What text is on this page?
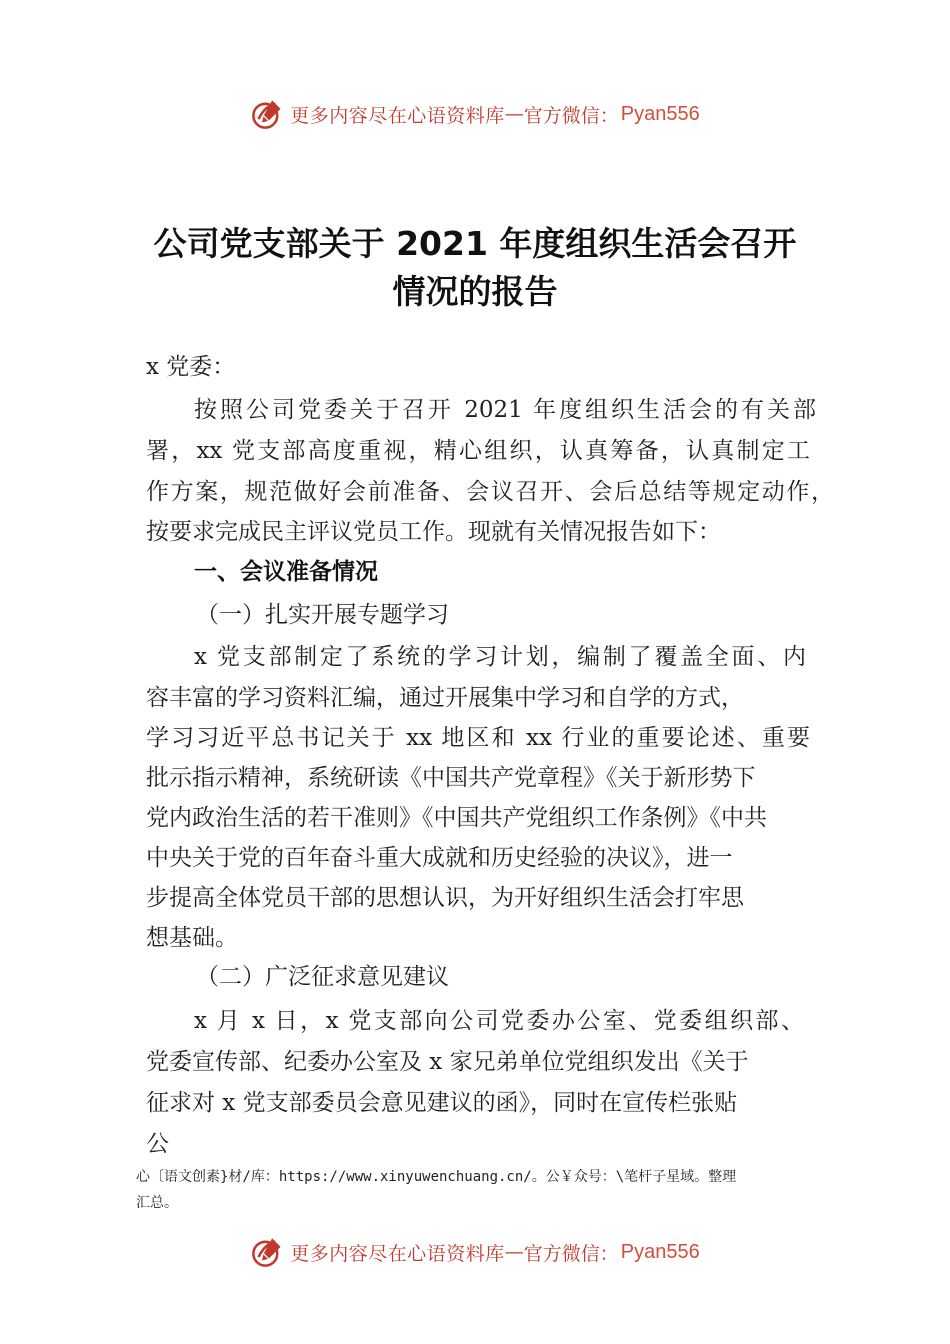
更多内容尽在心语资料库 — 官方微信： Pyan556
公司党支部关于 2021 年度组织生活会召开
情况的报告
x 党委：
按照公司党委关于召开 2021 年度组织生活会的有关部
署，xx 党支部高度重视，精心组织，认真筹备，认真制定工
作方案，规范做好会前准备、会议召开、会后总结等规定动作，
按要求完成民主评议党员工作。现就有关情况报告如下：
一、会议准备情况
（一）扎实开展专题学习
x 党支部制定了系统的学习计划，编制了覆盖全面、内
容丰富的学习资料汇编，通过开展集中学习和自学的方式，
学习习近平总书记关于 xx 地区和 xx 行业的重要论述、重要
批示指示精神，系统研读《中国共产党章程》《关于新形势下
党内政治生活的若干准则》《中国共产党组织工作条例》《中共
中央关于党的百年奋斗重大成就和历史经验的决议》，进一
步提高全体党员干部的思想认识，为开好组织生活会打牢思
想基础。
（二）广泛征求意见建议
x 月 x 日，x 党支部向公司党委办公室、党委组织部、
党委宣传部、纪委办公室及 x 家兄弟单位党组织发出《关于
征求对 x 党支部委员会意见建议的函》，同时在宣传栏张贴
公
心〔语文创素}材/库：https://www.xinyuwenchuang.cn/。公￥众号：\笔杆子星域。整理
汇总。
更多内容尽在心语资料库 — 官方微信： Pyan556
